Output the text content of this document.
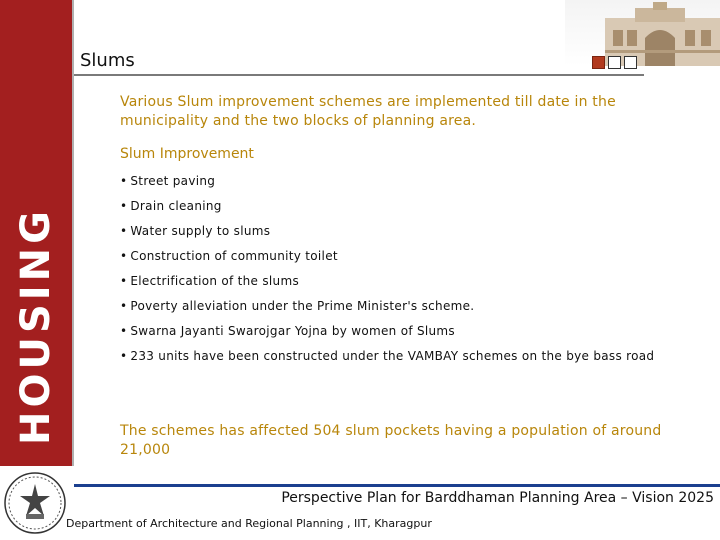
HOUSING
Slums

Various Slum improvement schemes are implemented till date in the municipality and the two blocks of planning area.

Slum Improvement

• Street paving
• Drain cleaning
• Water supply to slums
• Construction of community toilet
• Electrification of the slums
• Poverty alleviation under the Prime Minister's scheme.
• Swarna Jayanti Swarojgar Yojna by women of Slums
• 233 units have been constructed under the VAMBAY schemes on the bye bass road

The schemes has affected 504 slum pockets having a population of around 21,000

Perspective Plan for Barddhaman Planning Area – Vision 2025
Department of Architecture and Regional Planning , IIT, Kharagpur
